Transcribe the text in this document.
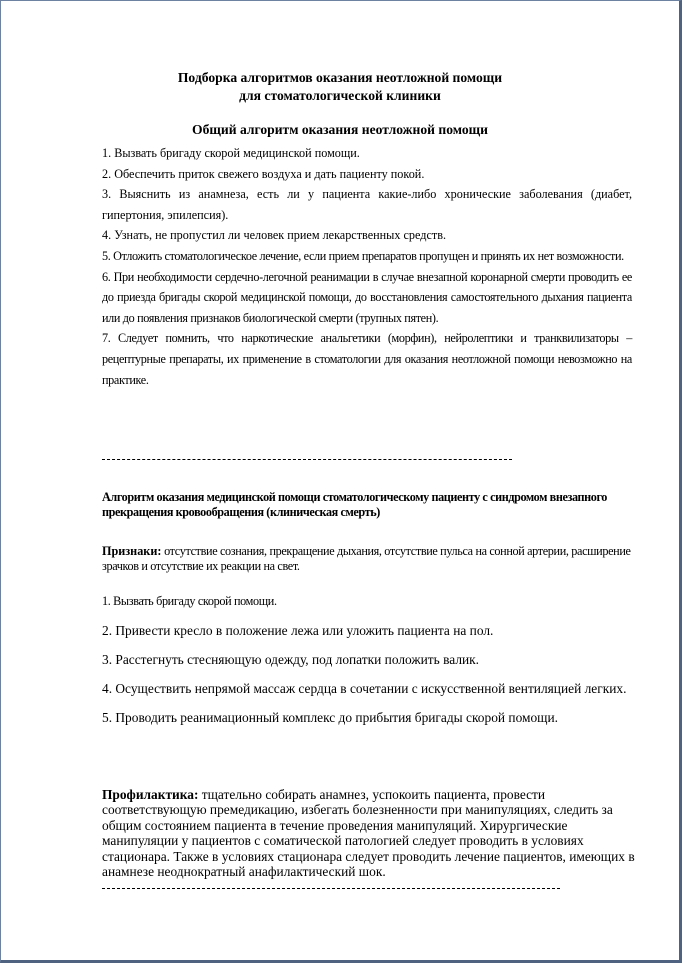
Подборка алгоритмов оказания неотложной помощи
для стоматологической клиники
Общий алгоритм оказания неотложной помощи

1. Вызвать бригаду скорой медицинской помощи.

2. Обеспечить приток свежего воздуха и дать пациенту покой.

3. Выяснить из анамнеза, есть ли у пациента какие-либо хронические заболевания (диабет, гипертония, эпилепсия).

4. Узнать, не пропустил ли человек прием лекарственных средств.

5. Отложить стоматологическое лечение, если прием препаратов пропущен и принять их нет возможности.

6. При необходимости сердечно-легочной реанимации в случае внезапной коронарной смерти проводить ее до приезда бригады скорой медицинской помощи, до восстановления самостоятельного дыхания пациента или до появления признаков биологической смерти (трупных пятен).

7. Следует помнить, что наркотические анальгетики (морфин), нейролептики и транквилизаторы – рецептурные препараты, их применение в стоматологии для оказания неотложной помощи невозможно на практике.

Алгоритм оказания медицинской помощи стоматологическому пациенту с синдромом внезапного прекращения кровообращения (клиническая смерть)
Признаки: отсутствие сознания, прекращение дыхания, отсутствие пульса на сонной артерии, расширение зрачков и отсутствие их реакции на свет.

1. Вызвать бригаду скорой помощи.

2. Привести кресло в положение лежа или уложить пациента на пол.

3. Расстегнуть стесняющую одежду, под лопатки положить валик.

4. Осуществить непрямой массаж сердца в сочетании с искусственной вентиляцией легких.

5. Проводить реанимационный комплекс до прибытия бригады скорой помощи.

Профилактика: тщательно собирать анамнез, успокоить пациента, провести соответствующую премедикацию, избегать болезненности при манипуляциях, следить за общим состоянием пациента в течение проведения манипуляций. Хирургические манипуляции у пациентов с соматической патологией следует проводить в условиях стационара. Также в условиях стационара следует проводить лечение пациентов, имеющих в анамнезе неоднократный анафилактический шок.
